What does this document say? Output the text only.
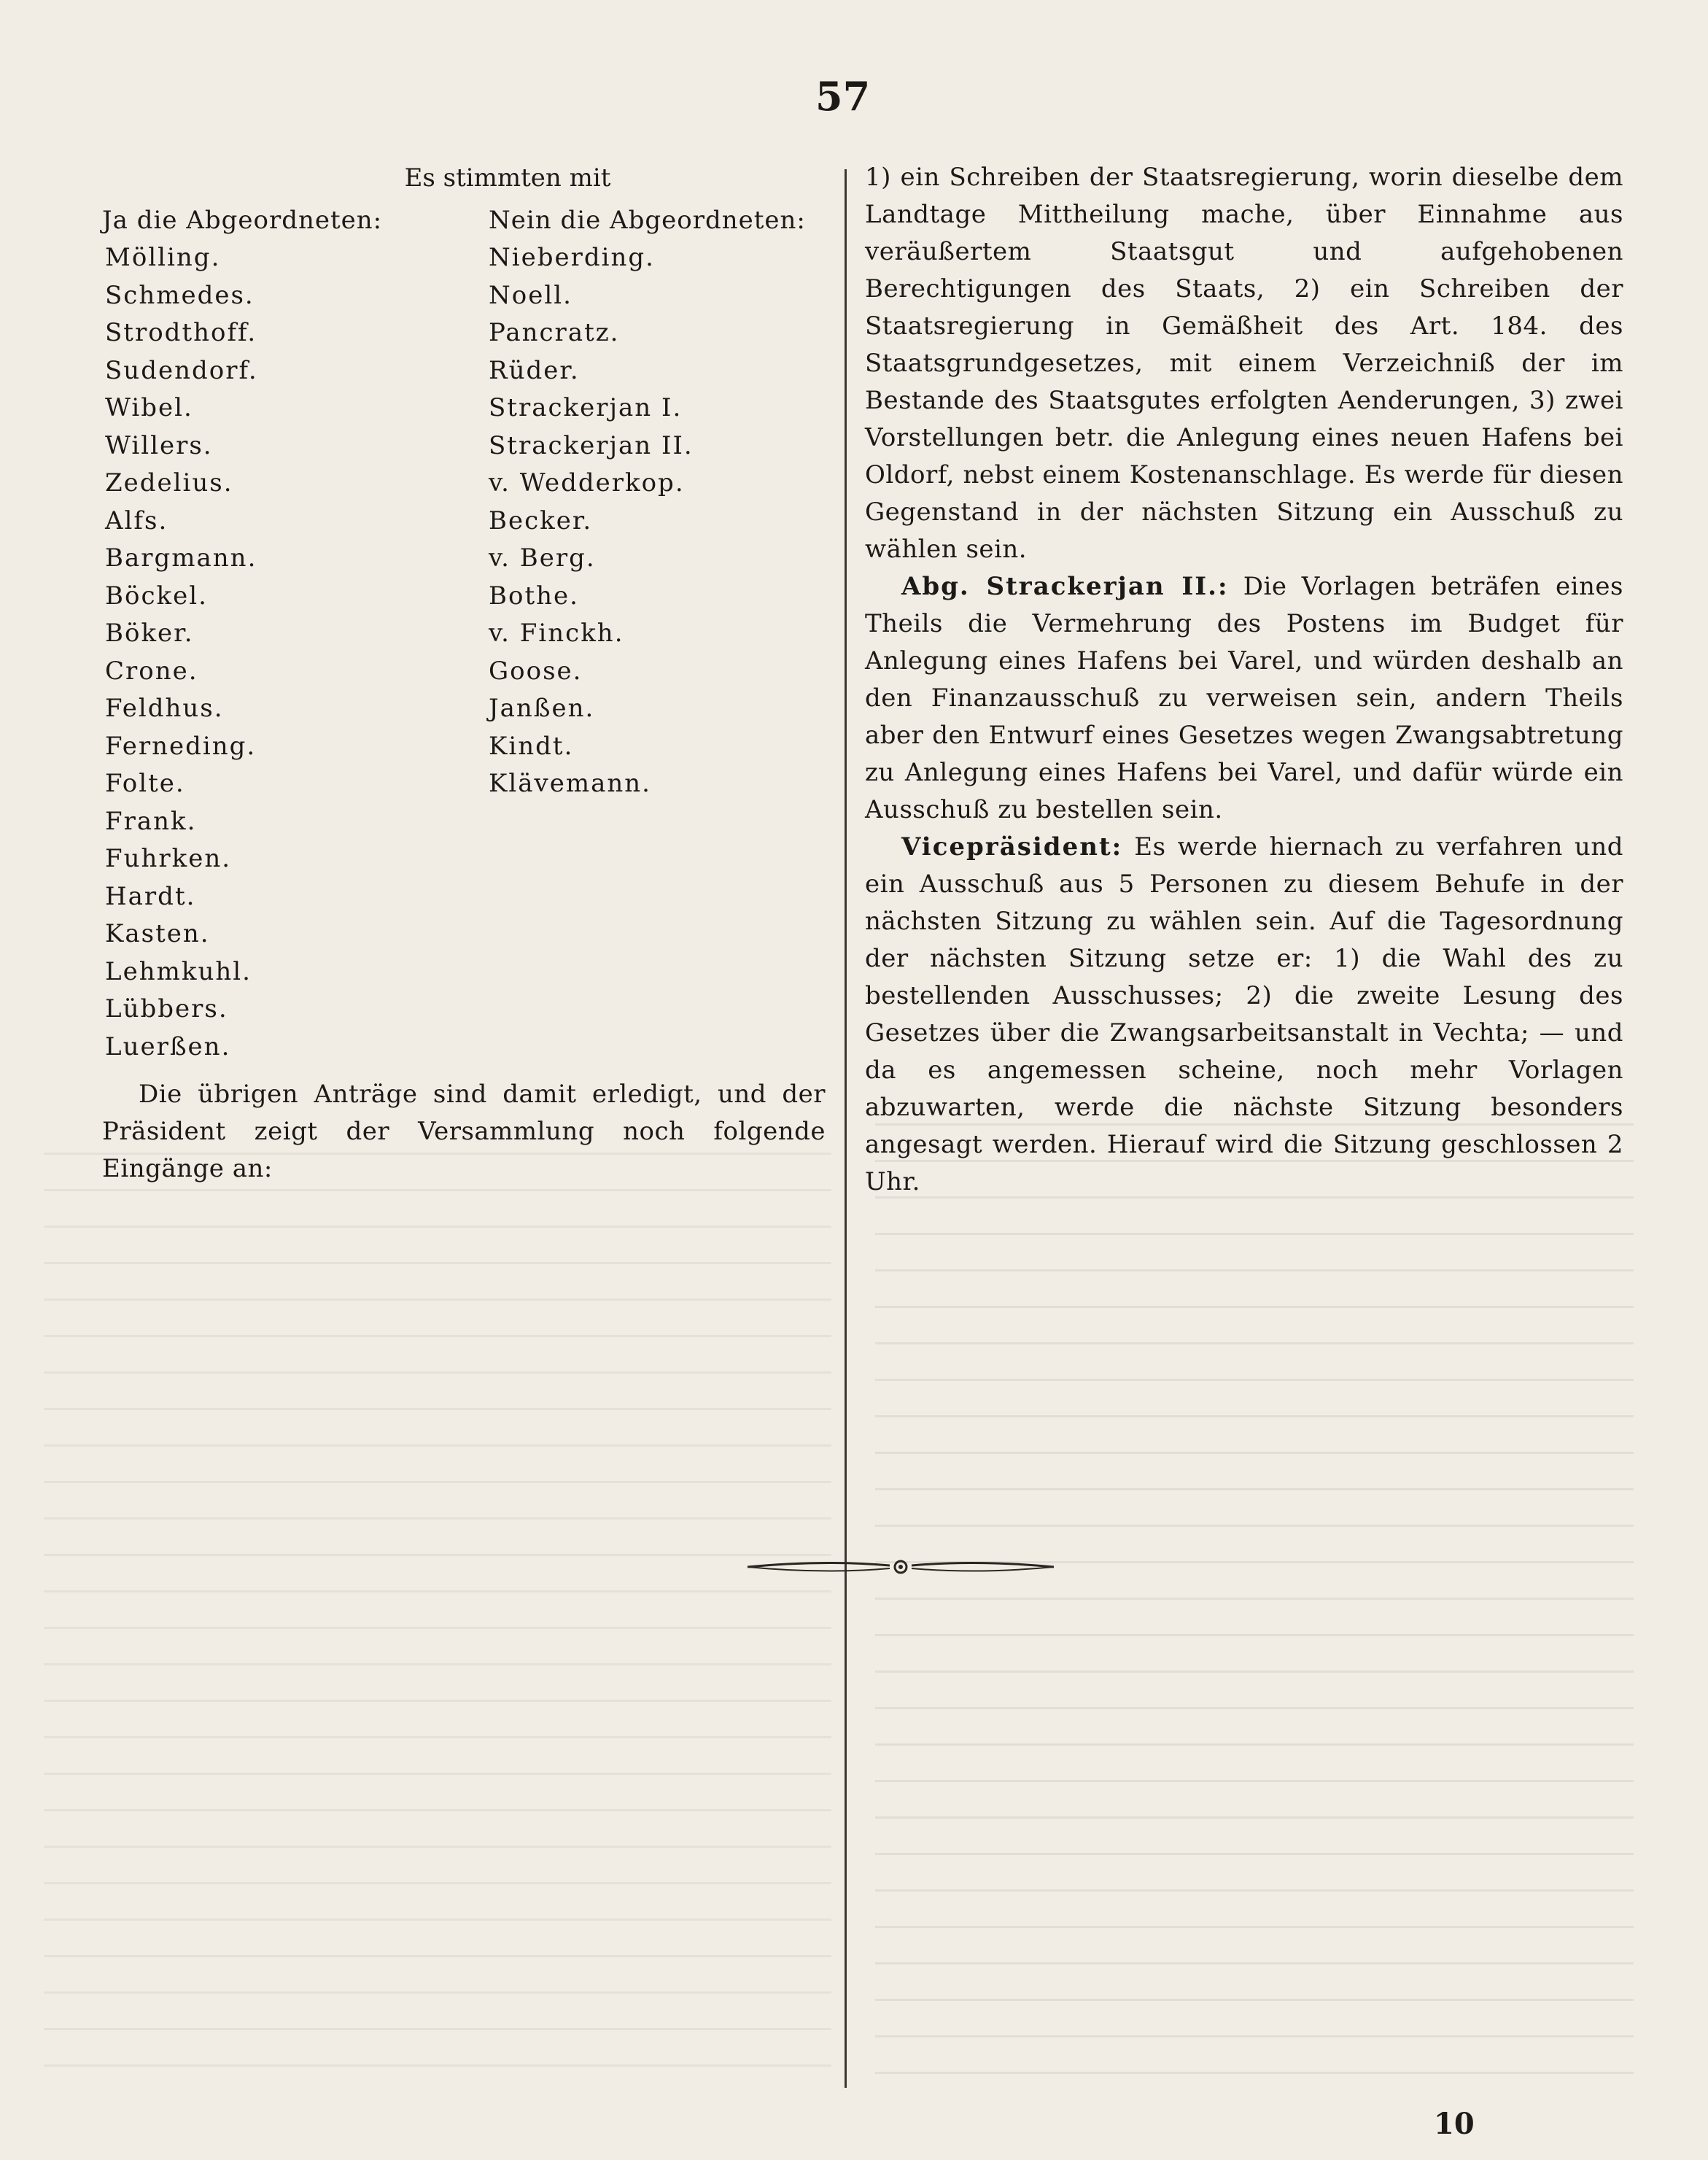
57

Es stimmten mit

Ja die Abgeordneten:

Mölling.
Schmedes.
Strodthoff.
Sudendorf.
Wibel.
Willers.
Zedelius.
Alfs.
Bargmann.
Böckel.
Böker.
Crone.
Feldhus.
Ferneding.
Folte.
Frank.
Fuhrken.
Hardt.
Kasten.
Lehmkuhl.
Lübbers.
Luerßen.

Nein die Abgeordneten:

Nieberding.
Noell.
Pancratz.
Rüder.
Strackerjan I.
Strackerjan II.
v. Wedderkop.
Becker.
v. Berg.
Bothe.
v. Finckh.
Goose.
Janßen.
Kindt.
Klävemann.

Die übrigen Anträge sind damit erledigt, und der Präsident zeigt der Versammlung noch folgende Eingänge an:

1) ein Schreiben der Staatsregierung, worin dieselbe dem Landtage Mittheilung mache, über Einnahme aus veräußertem Staatsgut und aufgehobenen Berechtigungen des Staats, 2) ein Schreiben der Staatsregierung in Gemäßheit des Art. 184. des Staatsgrundgesetzes, mit einem Verzeichniß der im Bestande des Staatsgutes erfolgten Aenderungen, 3) zwei Vorstellungen betr. die Anlegung eines neuen Hafens bei Oldorf, nebst einem Kostenanschlage. Es werde für diesen Gegenstand in der nächsten Sitzung ein Ausschuß zu wählen sein.

Abg. Strackerjan II.: Die Vorlagen beträfen eines Theils die Vermehrung des Postens im Budget für Anlegung eines Hafens bei Varel, und würden deshalb an den Finanzausschuß zu verweisen sein, andern Theils aber den Entwurf eines Gesetzes wegen Zwangsabtretung zu Anlegung eines Hafens bei Varel, und dafür würde ein Ausschuß zu bestellen sein.

Vicepräsident: Es werde hiernach zu verfahren und ein Ausschuß aus 5 Personen zu diesem Behufe in der nächsten Sitzung zu wählen sein. Auf die Tagesordnung der nächsten Sitzung setze er: 1) die Wahl des zu bestellenden Ausschusses; 2) die zweite Lesung des Gesetzes über die Zwangsarbeitsanstalt in Vechta; — und da es angemessen scheine, noch mehr Vorlagen abzuwarten, werde die nächste Sitzung besonders angesagt werden. Hierauf wird die Sitzung geschlossen 2 Uhr.

10
